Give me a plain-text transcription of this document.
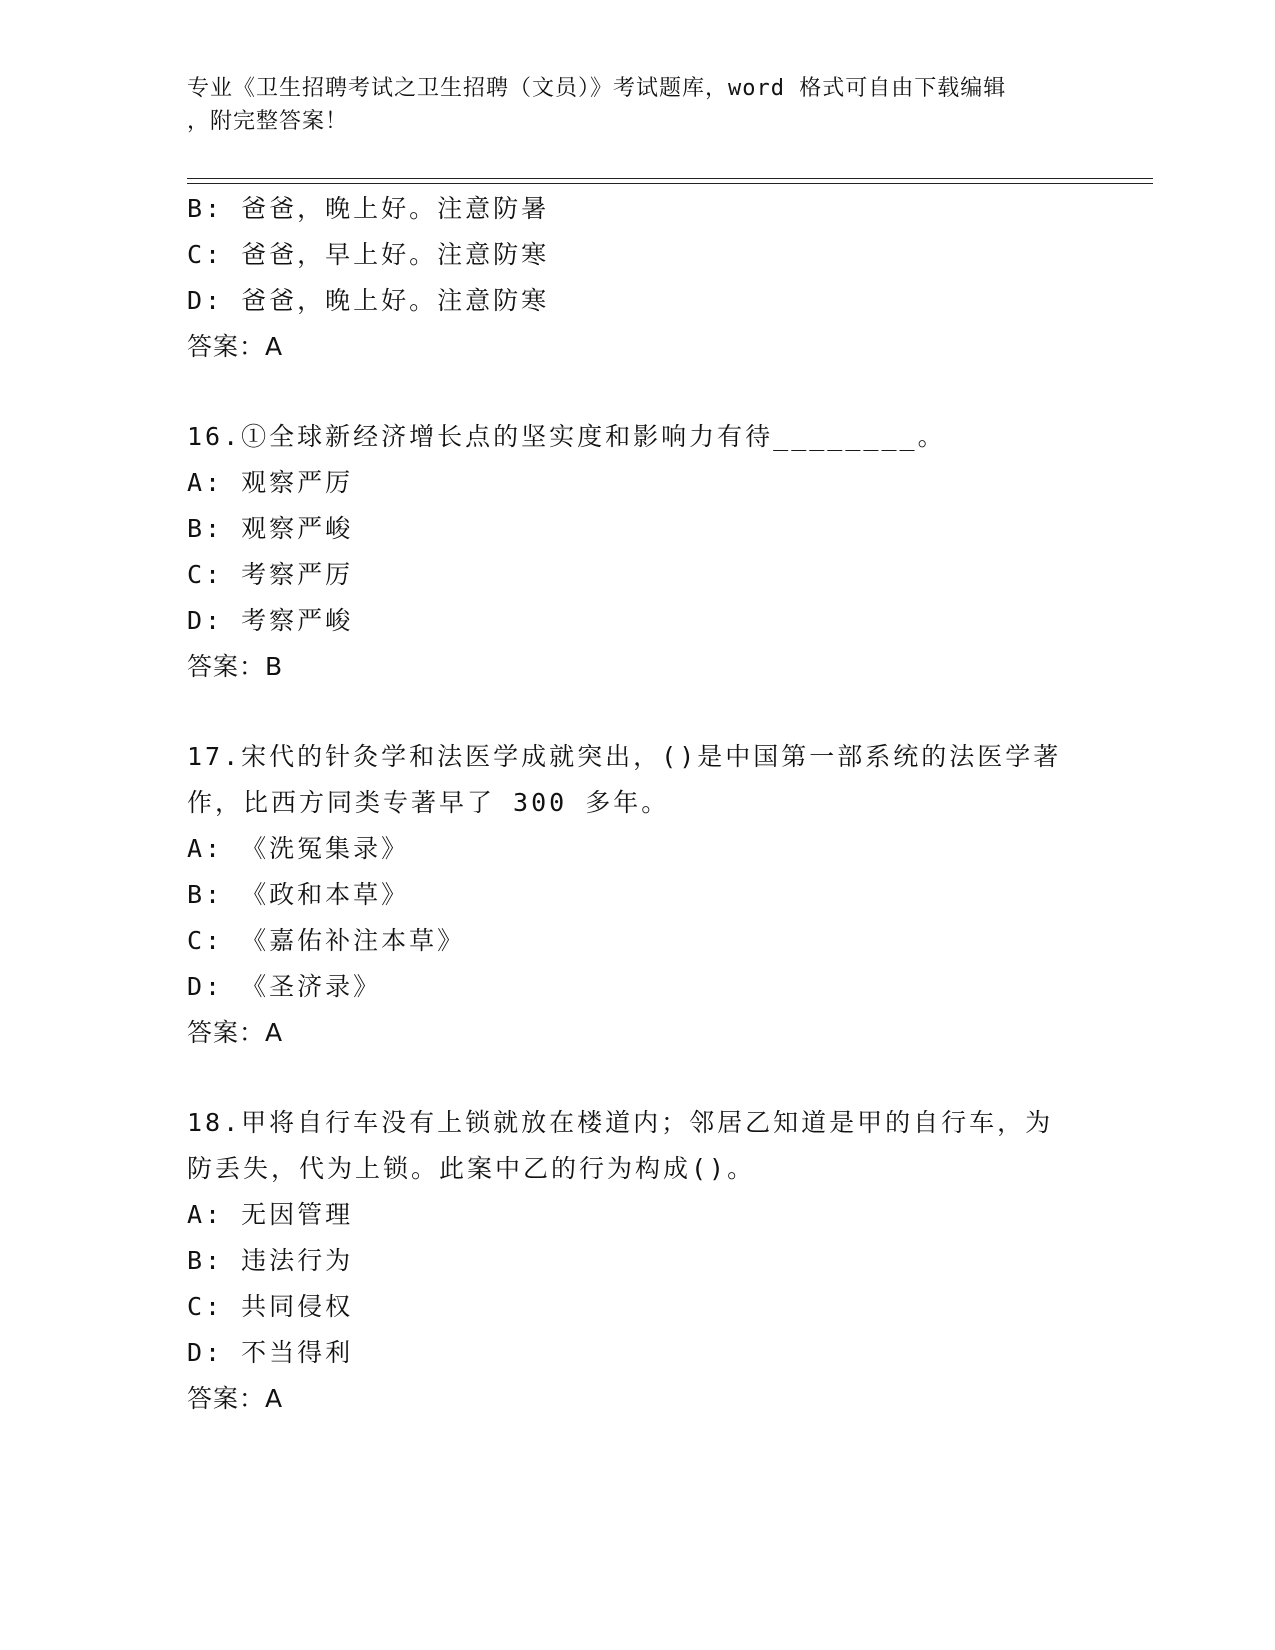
专业《卫生招聘考试之卫生招聘（文员）》考试题库，word 格式可自由下载编辑
，附完整答案！
B: 爸爸，晚上好。注意防暑
C: 爸爸，早上好。注意防寒
D: 爸爸，晚上好。注意防寒
答案：A
16.①全球新经济增长点的坚实度和影响力有待________。
A: 观察严厉
B: 观察严峻
C: 考察严厉
D: 考察严峻
答案：B
17.宋代的针灸学和法医学成就突出，()是中国第一部系统的法医学著
作，比西方同类专著早了 300 多年。
A: 《洗冤集录》
B: 《政和本草》
C: 《嘉佑补注本草》
D: 《圣济录》
答案：A
18.甲将自行车没有上锁就放在楼道内；邻居乙知道是甲的自行车，为
防丢失，代为上锁。此案中乙的行为构成()。
A: 无因管理
B: 违法行为
C: 共同侵权
D: 不当得利
答案：A
